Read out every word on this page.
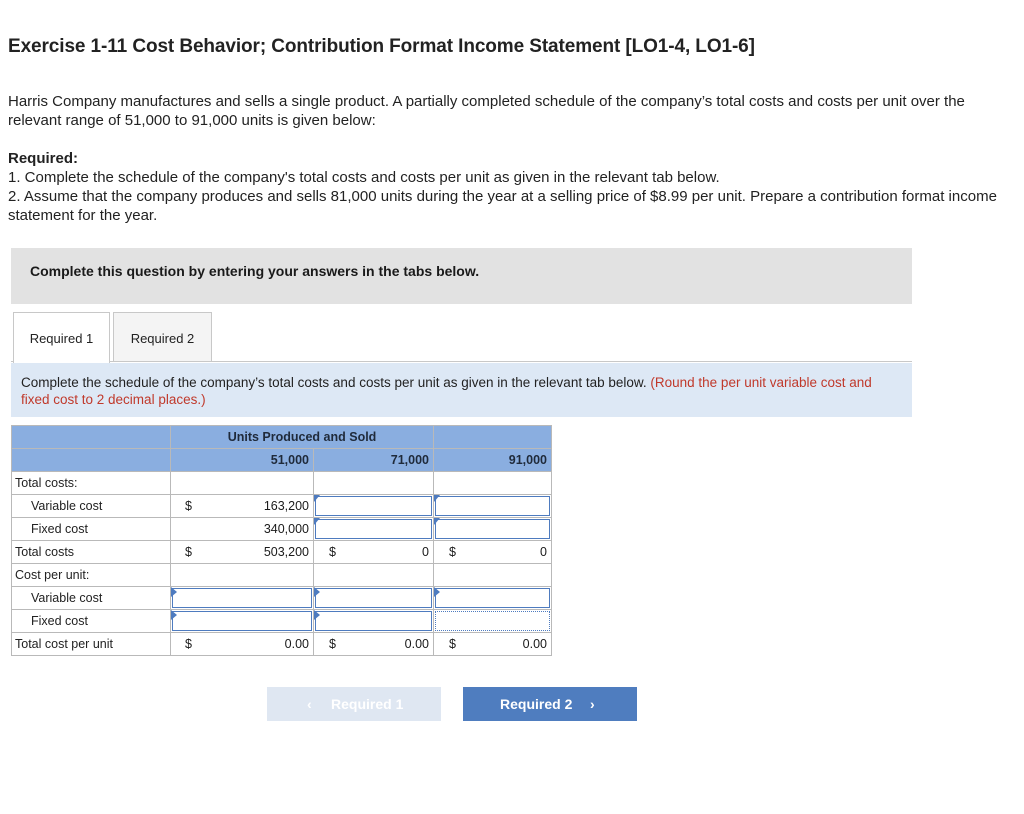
Exercise 1-11 Cost Behavior; Contribution Format Income Statement [LO1-4, LO1-6]
Harris Company manufactures and sells a single product. A partially completed schedule of the company’s total costs and costs per unit over the relevant range of 51,000 to 91,000 units is given below:
Required:
1. Complete the schedule of the company's total costs and costs per unit as given in the relevant tab below.
2. Assume that the company produces and sells 81,000 units during the year at a selling price of $8.99 per unit. Prepare a contribution format income statement for the year.
Complete this question by entering your answers in the tabs below.
Required 1	Required 2

Complete the schedule of the company’s total costs and costs per unit as given in the relevant tab below. (Round the per unit variable cost and fixed cost to 2 decimal places.)

	Units Produced and Sold		
	51,000	71,000	91,000
Total costs:			
Variable cost	$ 163,200		

Fixed cost	340,000		

Total costs	$ 503,200	$ 0	$ 0

Cost per unit:			
Variable cost	

Fixed cost	

Total cost per unit	$ 0.00	$ 0.00	$ 0.00
‹ Required 1	Required 2 ›
